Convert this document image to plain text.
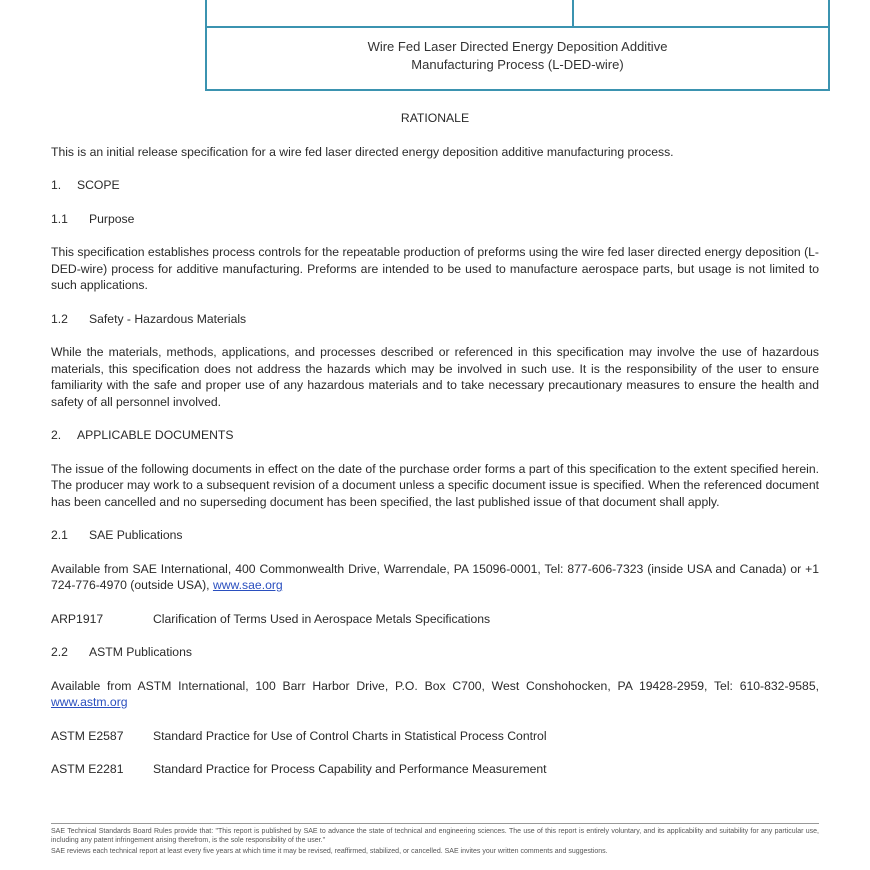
Wire Fed Laser Directed Energy Deposition Additive
Manufacturing Process (L-DED-wire)

RATIONALE

This is an initial release specification for a wire fed laser directed energy deposition additive manufacturing process.

1. SCOPE

1.1 Purpose

This specification establishes process controls for the repeatable production of preforms using the wire fed laser directed energy deposition (L-DED-wire) process for additive manufacturing. Preforms are intended to be used to manufacture aerospace parts, but usage is not limited to such applications.

1.2 Safety - Hazardous Materials

While the materials, methods, applications, and processes described or referenced in this specification may involve the use of hazardous materials, this specification does not address the hazards which may be involved in such use. It is the responsibility of the user to ensure familiarity with the safe and proper use of any hazardous materials and to take necessary precautionary measures to ensure the health and safety of all personnel involved.

2. APPLICABLE DOCUMENTS

The issue of the following documents in effect on the date of the purchase order forms a part of this specification to the extent specified herein. The producer may work to a subsequent revision of a document unless a specific document issue is specified. When the referenced document has been cancelled and no superseding document has been specified, the last published issue of that document shall apply.

2.1 SAE Publications

Available from SAE International, 400 Commonwealth Drive, Warrendale, PA 15096-0001, Tel: 877-606-7323 (inside USA and Canada) or +1 724-776-4970 (outside USA), www.sae.org

ARP1917	Clarification of Terms Used in Aerospace Metals Specifications

2.2 ASTM Publications

Available from ASTM International, 100 Barr Harbor Drive, P.O. Box C700, West Conshohocken, PA 19428-2959, Tel: 610-832-9585, www.astm.org

ASTM E2587 Standard Practice for Use of Control Charts in Statistical Process Control

ASTM E2281 Standard Practice for Process Capability and Performance Measurement

SAE Technical Standards Board Rules provide that: "This report is published by SAE to advance the state of technical and engineering sciences. The use of this report is entirely voluntary, and its applicability and suitability for any particular use, including any patent infringement arising therefrom, is the sole responsibility of the user."

SAE reviews each technical report at least every five years at which time it may be revised, reaffirmed, stabilized, or cancelled. SAE invites your written comments and suggestions.
